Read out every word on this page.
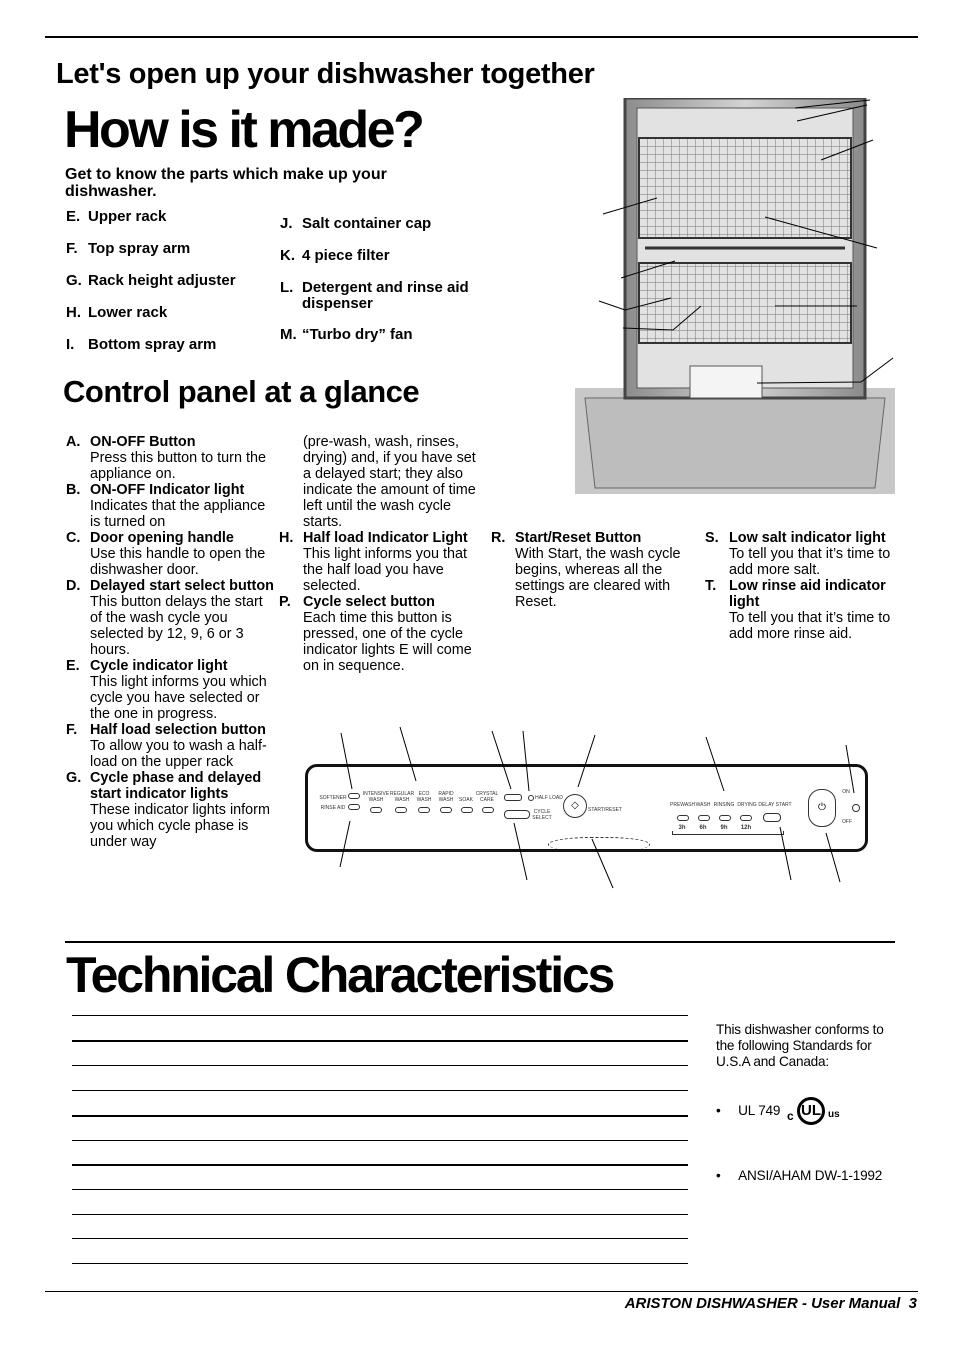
Let's open up your dishwasher together
How is it made?
Get to know the parts which make up your dishwasher.
E. Upper rack
F. Top spray arm
G. Rack height adjuster
H. Lower rack
I. Bottom spray arm
J. Salt container cap
K. 4 piece filter
L. Detergent and rinse aid dispenser
M. “Turbo dry” fan
Control panel at a glance
A. ON-OFF Button
Press this button to turn the appliance on.
B. ON-OFF Indicator light
Indicates that the appliance is turned on
C. Door opening handle
Use this handle to open the dishwasher door.
D. Delayed start select button
This button delays the start of the wash cycle you selected by 12, 9, 6 or 3 hours.
E. Cycle indicator light
This light informs you which cycle you have selected or the one in progress.
F. Half load selection button
To allow you to wash a half-load on the upper rack
G. Cycle phase and delayed start indicator lights
These indicator lights inform you which cycle phase is under way
(pre-wash, wash, rinses, drying) and, if you have set a delayed start; they also indicate the amount of time left until the wash cycle starts.
H. Half load Indicator Light
This light informs you that the half load you have selected.
P. Cycle select button
Each time this button is pressed, one of the cycle indicator lights E will come on in sequence.
R. Start/Reset Button
With Start, the wash cycle begins, whereas all the settings are cleared with Reset.
S. Low salt indicator light
To tell you that it’s time to add more salt.
T. Low rinse aid indicator light
To tell you that it’s time to add more rinse aid.
SOFTENER
RINSE AID
INTENSIVE WASH
REGULAR WASH
ECO WASH
RAPID WASH	SOAK
CRYSTAL CARE	HALF LOAD
CYCLE SELECT
◇	START/RESET
PREWASH WASH RINSING DRYING DELAY START
3h	6h	9h	12h
⏻
ON
OFF
Technical Characteristics
This dishwasher conforms to the following Standards for U.S.A and Canada:
• UL 749 c UL us
• ANSI/AHAM DW-1-1992
ARISTON DISHWASHER - User Manual 3
